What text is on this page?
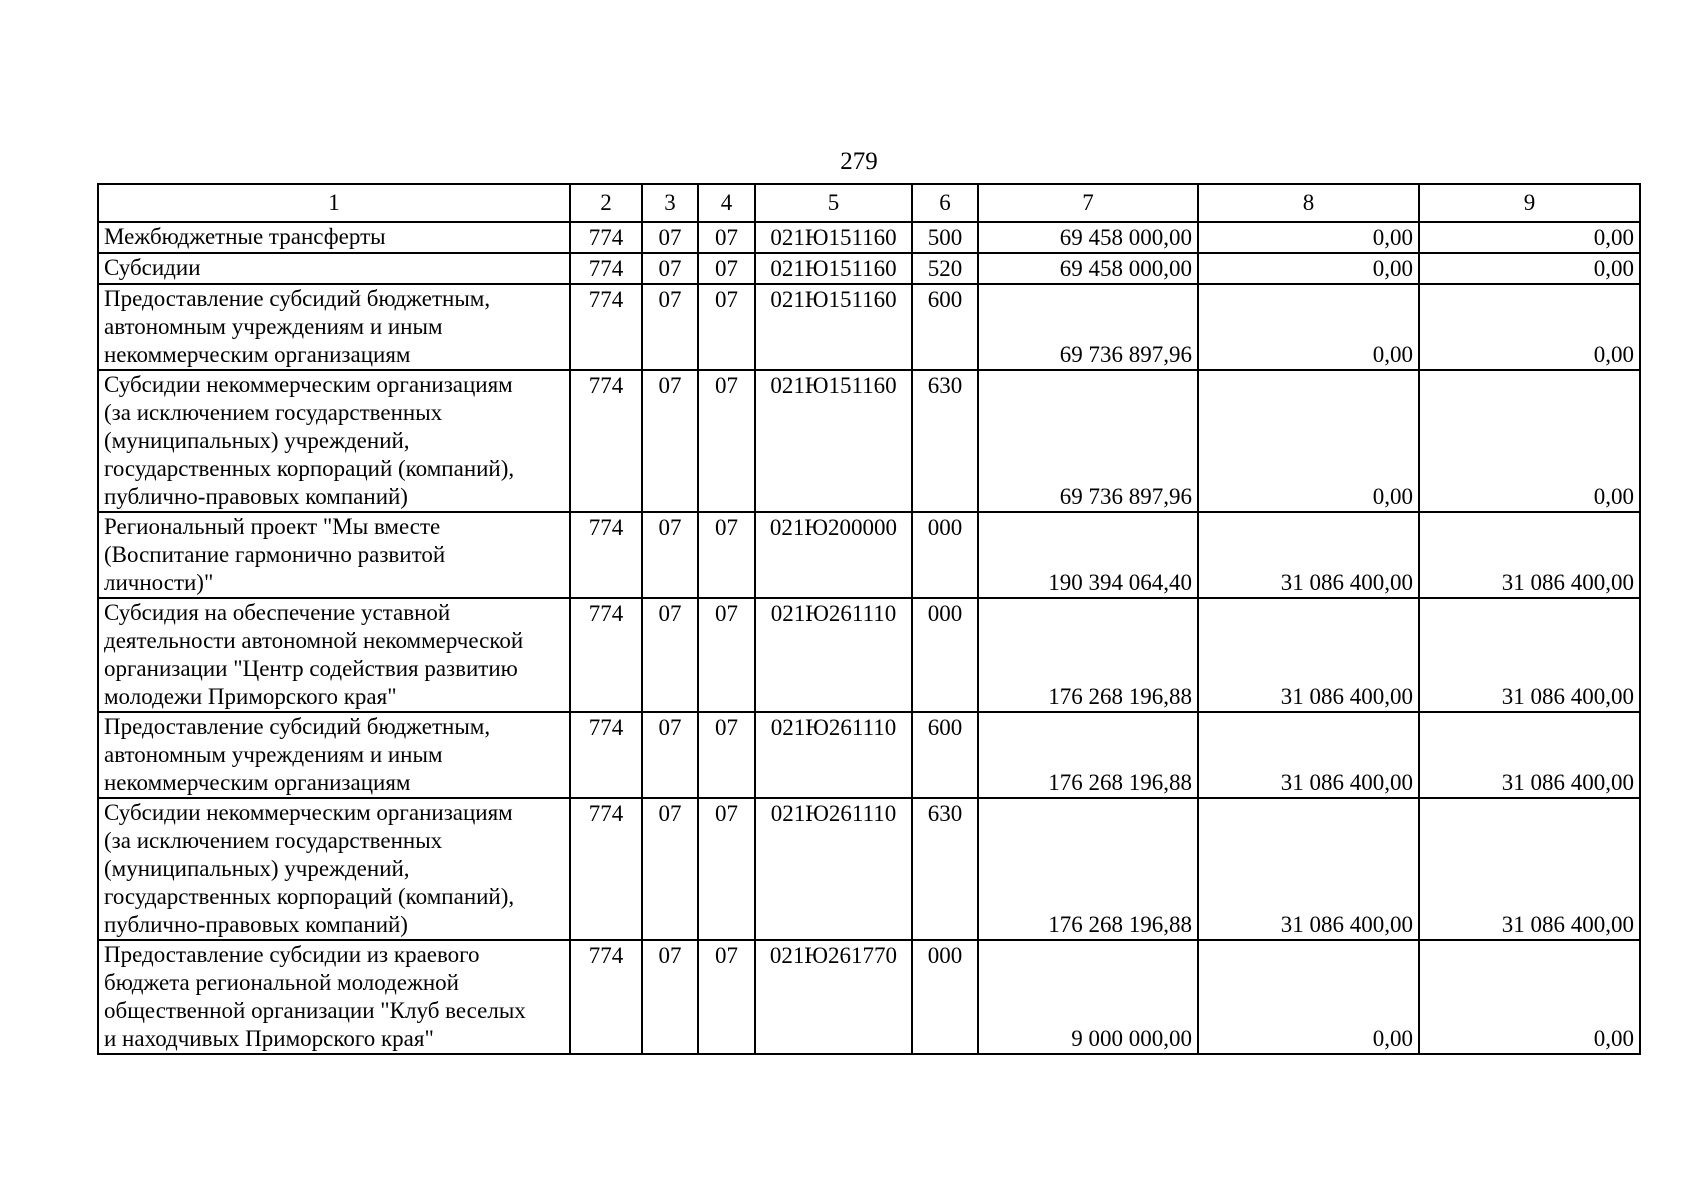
279
1	2	3	4	5	6	7	8	9

Межбюджетные трансферты	774	07	07	021Ю151160	500	69 458 000,00	0,00	0,00

Субсидии	774	07	07	021Ю151160	520	69 458 000,00	0,00	0,00

Предоставление субсидий бюджетным,
автономным учреждениям и иным
некоммерческим организациям	774	07	07	021Ю151160	600	69 736 897,96	0,00	0,00

Субсидии некоммерческим организациям
(за исключением государственных
(муниципальных) учреждений,
государственных корпораций (компаний),
публично-правовых компаний)	774	07	07	021Ю151160	630	69 736 897,96	0,00	0,00

Региональный проект "Мы вместе
(Воспитание гармонично развитой
личности)"	774	07	07	021Ю200000	000	190 394 064,40	31 086 400,00	31 086 400,00

Субсидия на обеспечение уставной
деятельности автономной некоммерческой
организации "Центр содействия развитию
молодежи Приморского края"	774	07	07	021Ю261110	000	176 268 196,88	31 086 400,00	31 086 400,00

Предоставление субсидий бюджетным,
автономным учреждениям и иным
некоммерческим организациям	774	07	07	021Ю261110	600	176 268 196,88	31 086 400,00	31 086 400,00

Субсидии некоммерческим организациям
(за исключением государственных
(муниципальных) учреждений,
государственных корпораций (компаний),
публично-правовых компаний)	774	07	07	021Ю261110	630	176 268 196,88	31 086 400,00	31 086 400,00

Предоставление субсидии из краевого
бюджета региональной молодежной
общественной организации "Клуб веселых
и находчивых Приморского края"	774	07	07	021Ю261770	000	9 000 000,00	0,00	0,00
